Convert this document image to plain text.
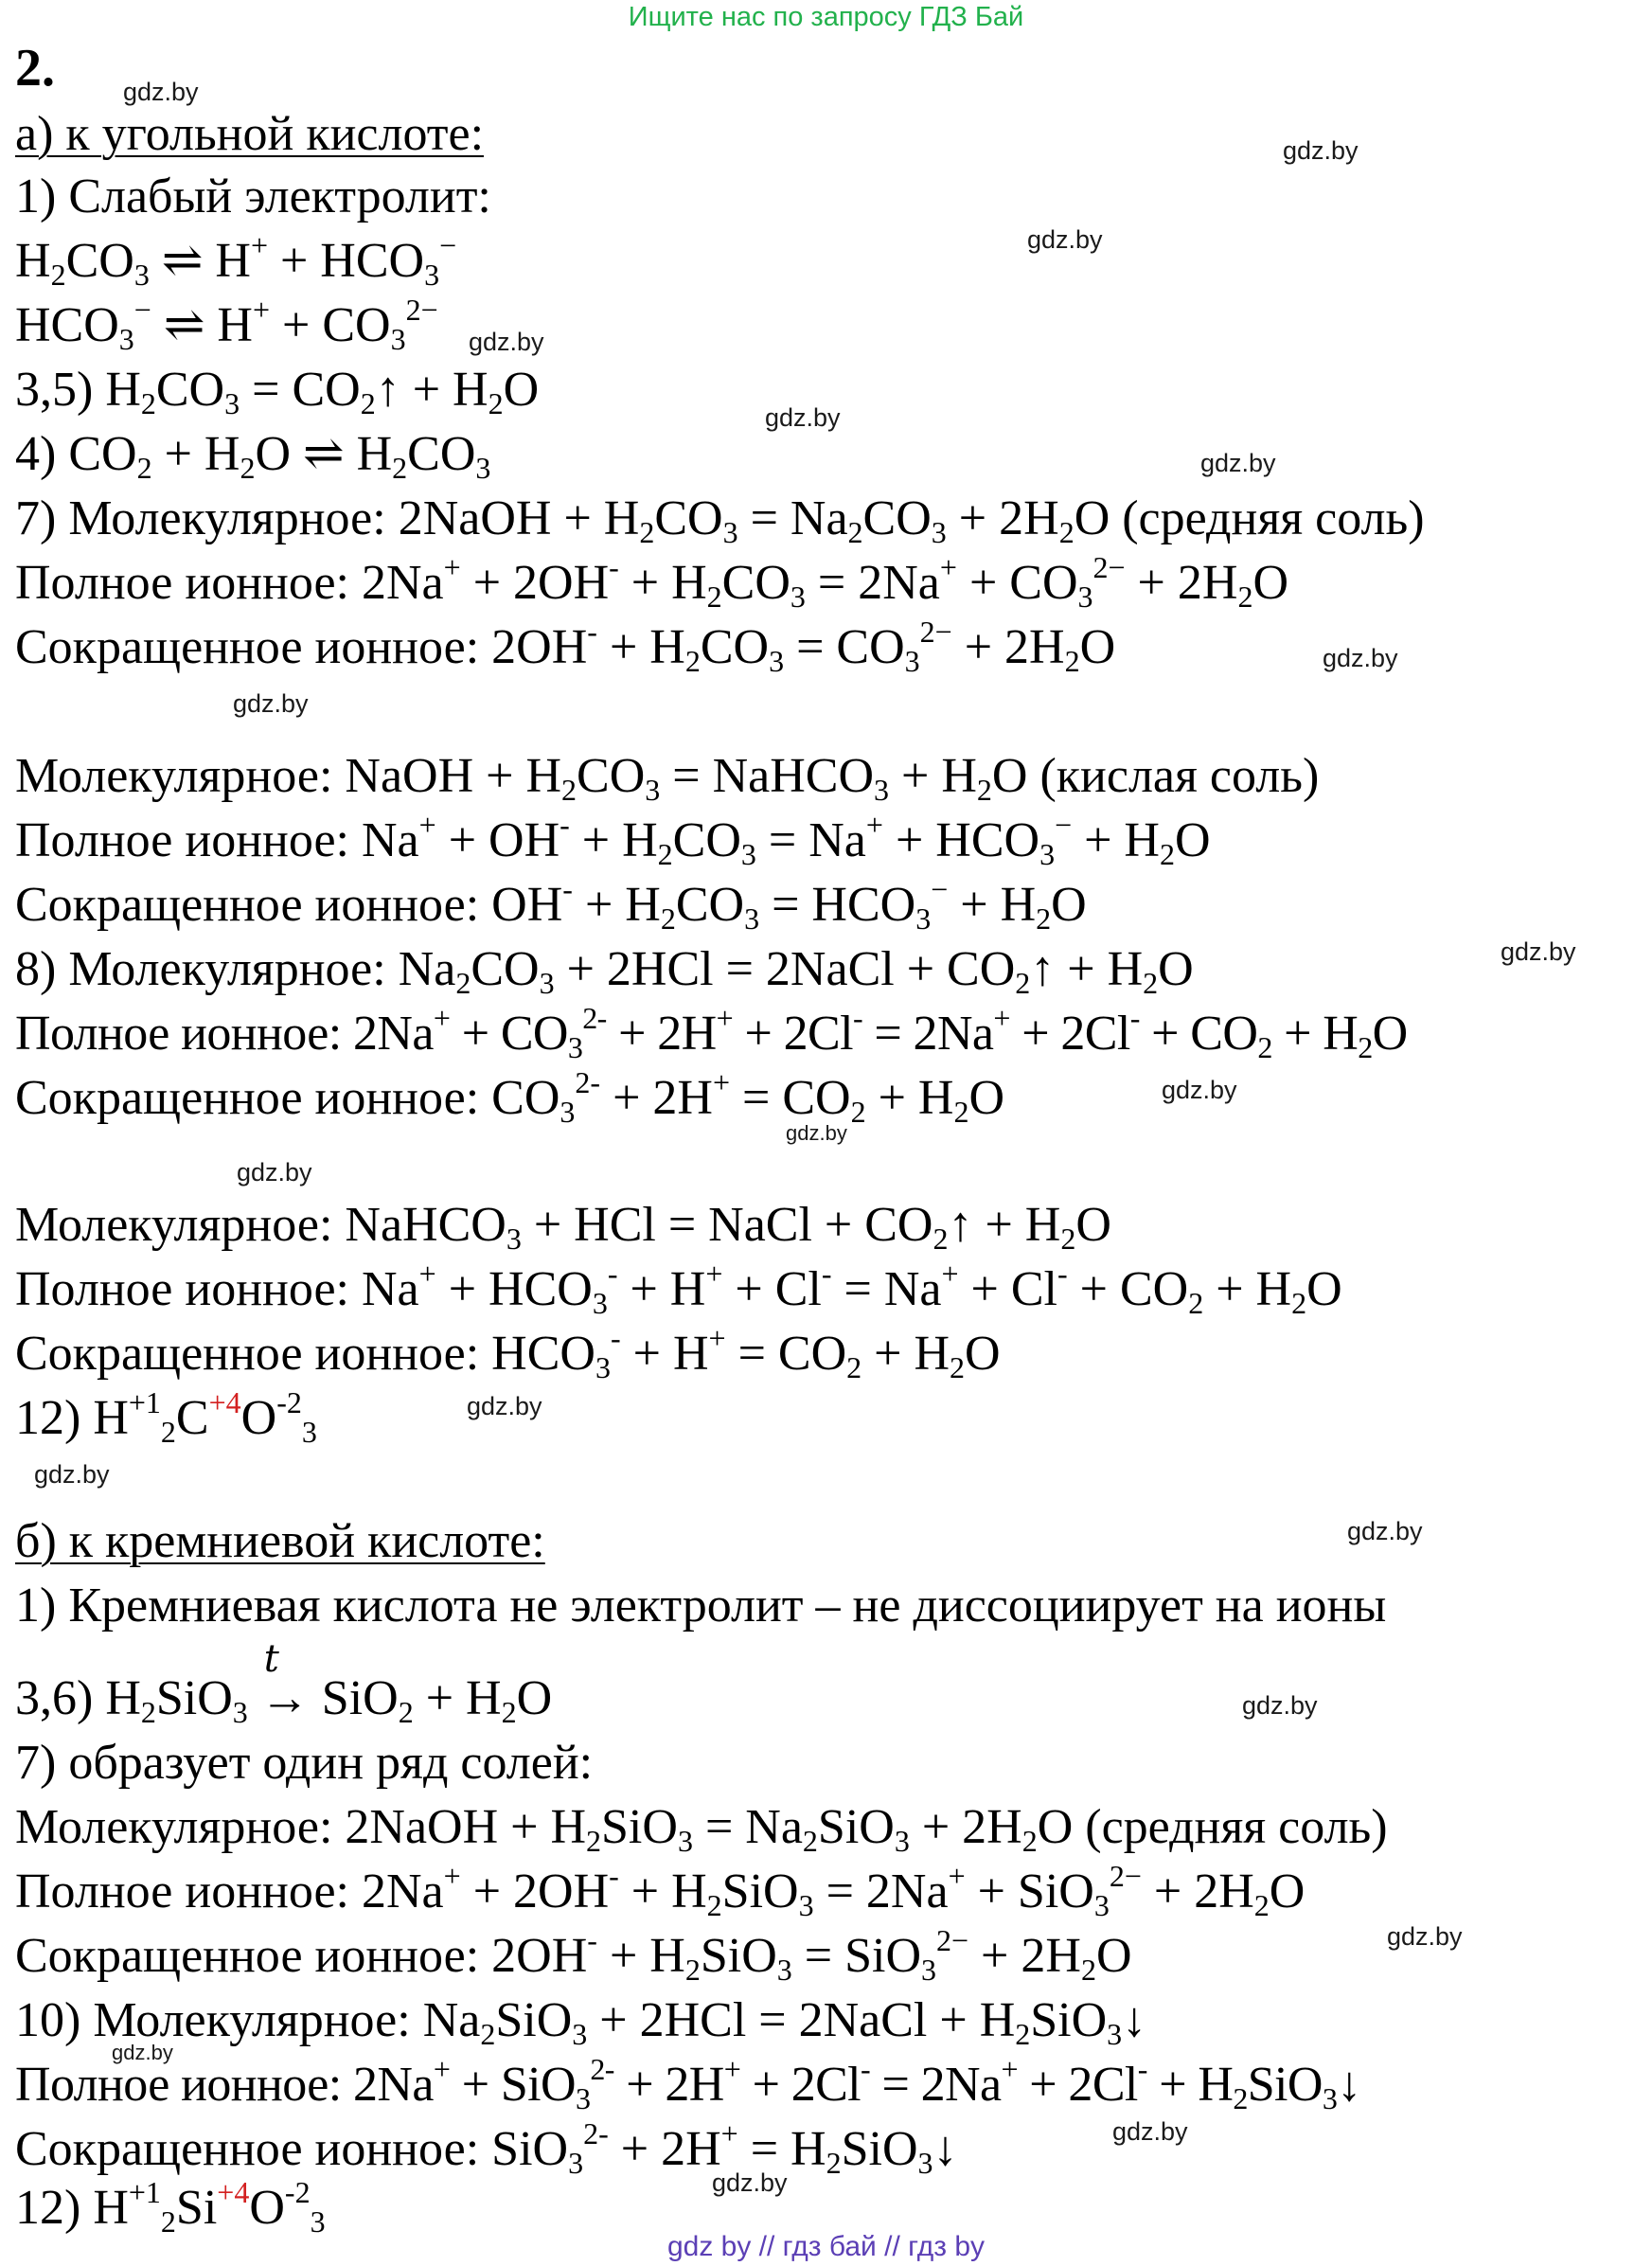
Ищите нас по запросу ГДЗ Бай
2.
а) к угольной кислоте:
1) Слабый электролит:
$H_2CO_3$ ⇌ $H^+ + HCO_3^-$
$HCO_3^-$ ⇌ $H^+ + CO_3^{2-}$
3,5) $H_2CO_3$ = $CO_2↑ + H_2O$
4) $CO_2 + H_2O$ ⇌ $H_2CO_3$
7) Молекулярное: 2NaOH + $H_2CO_3 = Na_2CO_3 + 2H_2O$ (средняя соль)
Полное ионное: $2Na^+ + 2OH^- + H_2CO_3 = 2Na^+ + CO_3^{2-} + 2H_2O$
Сокращенное ионное: $2OH^- + H_2CO_3 = CO_3^{2-} + 2H_2O$
Молекулярное: NaOH + $H_2CO_3$ = NaHCO$_3$ + $H_2O$ (кислая соль)
Полное ионное: $Na^+ + OH^- + H_2CO_3 = Na^+ + HCO_3^- + H_2O$
Сокращенное ионное: $OH^- + H_2CO_3 = HCO_3^- + H_2O$
8) Молекулярное: $Na_2CO_3 + 2HCl$ = 2NaCl + $CO_2↑ + H_2O$
Полное ионное: $2Na^+ + CO_3^{2-} + 2H^+ + 2Cl^- = 2Na^+ + 2Cl^- + CO_2 + H_2O$
Сокращенное ионное: $CO_3^{2-} + 2H^+ = CO_2 + H_2O$
Молекулярное: NaHCO$_3$ + HCl = NaCl + $CO_2↑ + H_2O$
Полное ионное: $Na^+ + HCO_3^- + H^+ + Cl^- = Na^+ + Cl^- + CO_2 + H_2O$
Сокращенное ионное: $HCO_3^- + H^+ = CO_2 + H_2O$
12) $H^{+1}_2C^{+4}O^{-2}_3$
б) к кремниевой кислоте:
1) Кремниевая кислота не электролит – не диссоциирует на ионы
3,6) $H_2SiO_3$
t
→ $SiO_2 + H_2O$
7) образует один ряд солей:
Молекулярное: 2NaOH + $H_2SiO_3 = Na_2SiO_3 + 2H_2O$ (средняя соль)
Полное ионное: $2Na^+ + 2OH^- + H_2SiO_3 = 2Na^+ + SiO_3^{2-} + 2H_2O$
Сокращенное ионное: $2OH^- + H_2SiO_3 = SiO_3^{2-} + 2H_2O$
10) Молекулярное: $Na_2SiO_3 + 2HCl$ = 2NaCl + $H_2SiO_3↓$
Полное ионное: $2Na^+ + SiO_3^{2-} + 2H^+ + 2Cl^- = 2Na^+ + 2Cl^- + H_2SiO_3↓$
Сокращенное ионное: $SiO_3^{2-} + 2H^+ = H_2SiO_3↓$
12) $H^{+1}_2Si^{+4}O^{-2}_3$
gdz.by
gdz.by
gdz.by
gdz.by
gdz.by
gdz.by
gdz.by
gdz.by
gdz.by
gdz.by
gdz.by
gdz.by
gdz.by
gdz.by
gdz.by
gdz.by
gdz.by
gdz.by
gdz.by
gdz.by
gdz by // гдз бай // гдз by
